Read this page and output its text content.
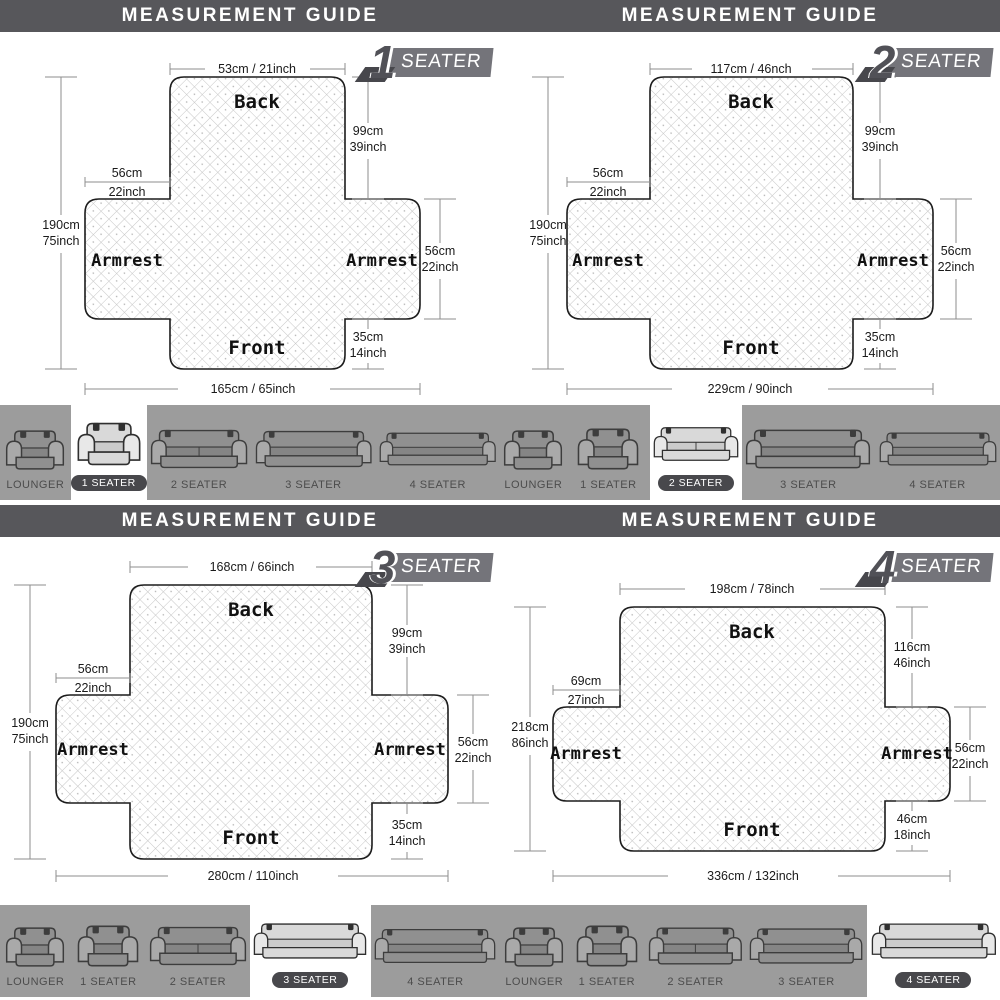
MEASUREMENT GUIDE
53cm / 21inch
99cm
39inch
56cm
22inch
190cm
75inch
56cm
22inch
35cm
14inch
165cm / 65inch
Back
Front
Armrest	Armrest
1 SEATER
LOUNGER	1 SEATER	2 SEATER	3 SEATER	4 SEATER
MEASUREMENT GUIDE
117cm / 46nch
99cm
39inch
56cm
22inch
190cm
75inch
56cm
22inch
35cm
14inch
229cm / 90inch
Back
Front
Armrest	Armrest
2 SEATER
LOUNGER 1 SEATER	2 SEATER	3 SEATER	4 SEATER
MEASUREMENT GUIDE
168cm / 66inch
99cm
39inch
56cm
22inch
190cm
75inch	56cm
22inch
35cm
14inch
280cm / 110inch
Back
Front
Armrest	Armrest
3 SEATER
LOUNGER 1 SEATER	2 SEATER	3 SEATER	4 SEATER
MEASUREMENT GUIDE
198cm / 78inch
116cm
46inch
69cm
27inch
218cm
86inch	56cm
22inch
46cm
18inch
336cm / 132inch
Back
Front
Armrest	Armrest
4 SEATER
LOUNGER 1 SEATER	2 SEATER	3 SEATER	4 SEATER
